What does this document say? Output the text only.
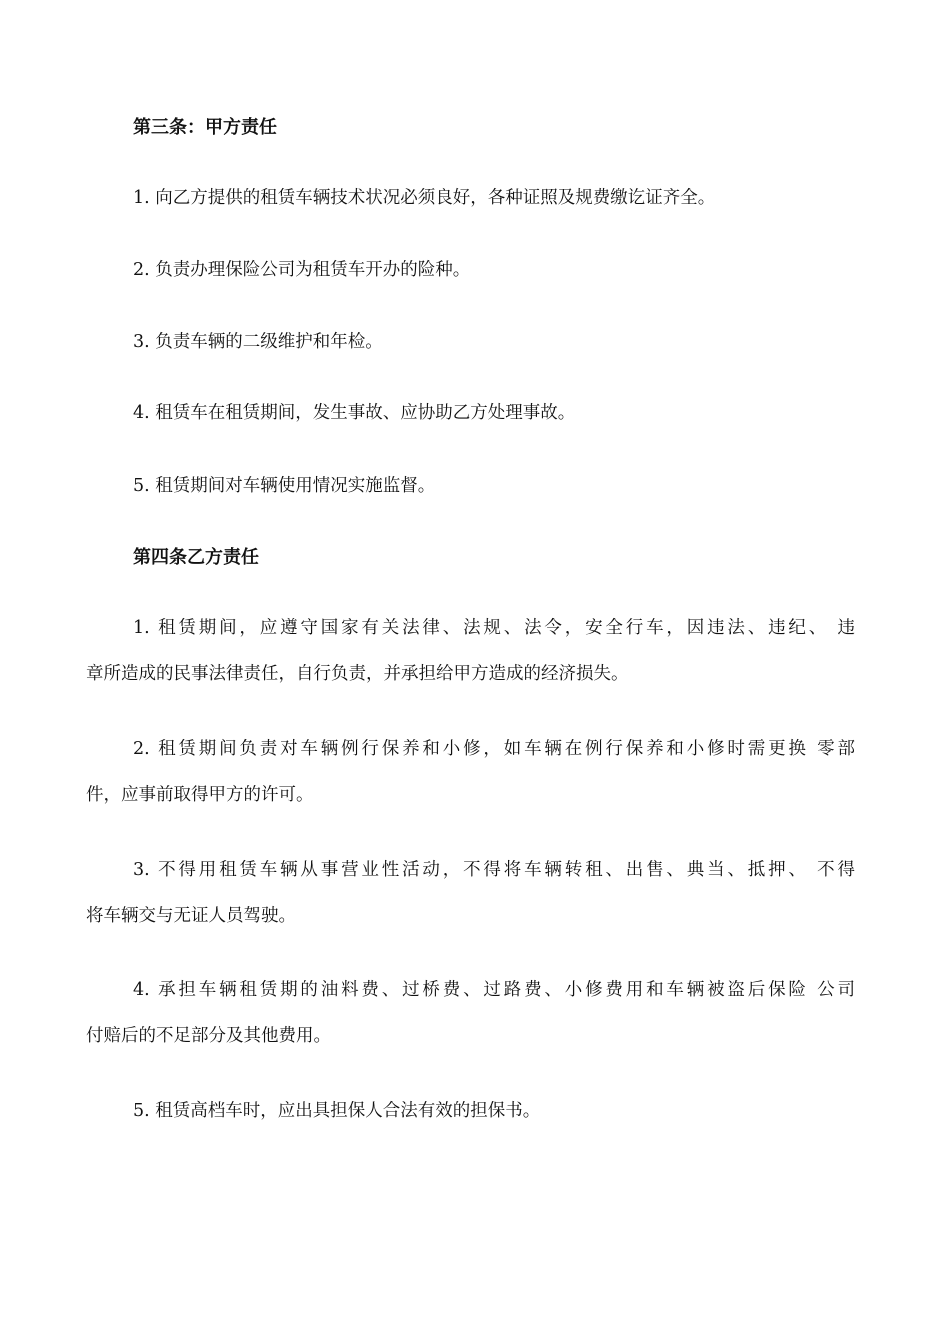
第三条：甲方责任
1. 向乙方提供的租赁车辆技术状况必须良好，各种证照及规费缴讫证齐全。
2. 负责办理保险公司为租赁车开办的险种。
3. 负责车辆的二级维护和年检。
4. 租赁车在租赁期间，发生事故、应协助乙方处理事故。
5. 租赁期间对车辆使用情况实施监督。
第四条乙方责任
1. 租赁期间，应遵守国家有关法律、法规、法令，安全行车，因违法、违纪、 违
章所造成的民事法律责任，自行负责，并承担给甲方造成的经济损失。
2. 租赁期间负责对车辆例行保养和小修，如车辆在例行保养和小修时需更换 零部
件，应事前取得甲方的许可。
3. 不得用租赁车辆从事营业性活动，不得将车辆转租、出售、典当、抵押、 不得
将车辆交与无证人员驾驶。
4. 承担车辆租赁期的油料费、过桥费、过路费、小修费用和车辆被盗后保险 公司
付赔后的不足部分及其他费用。
5. 租赁高档车时，应出具担保人合法有效的担保书。
